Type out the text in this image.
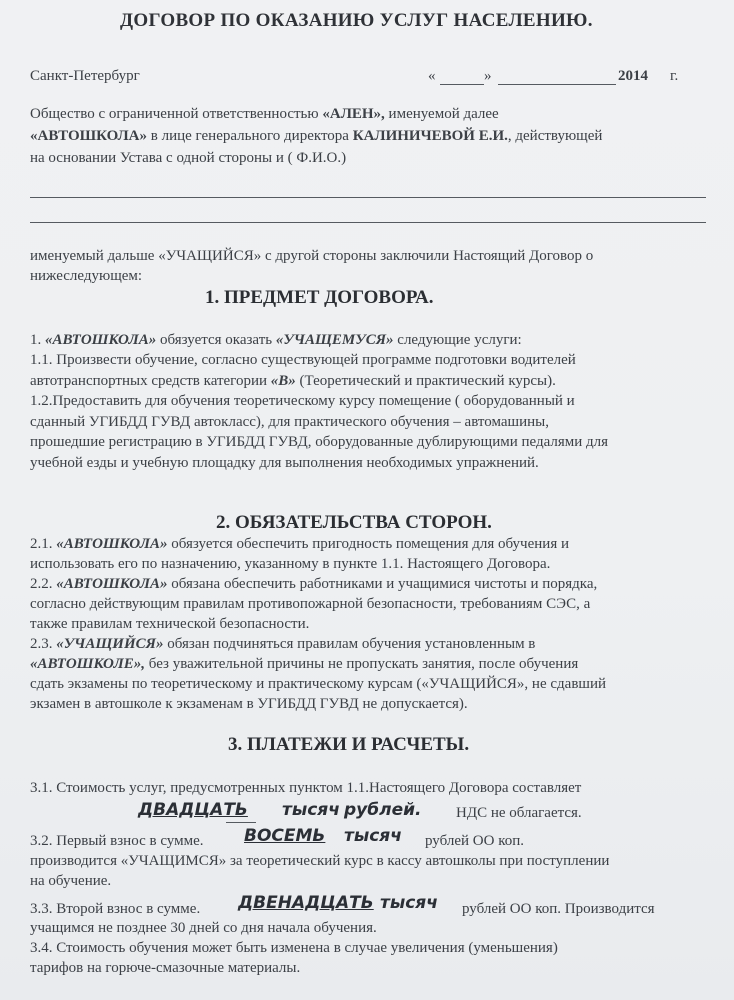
ДОГОВОР ПО ОКАЗАНИЮ УСЛУГ НАСЕЛЕНИЮ.
Санкт-Петербург	«	»	2014 г.
Общество с ограниченной ответственностью «АЛЕН», именуемой далее
«АВТОШКОЛА» в лице генерального директора КАЛИНИЧЕВОЙ Е.И., действующей
на основании Устава с одной стороны и ( Ф.И.О.)
именуемый дальше «УЧАЩИЙСЯ» с другой стороны заключили Настоящий Договор о
нижеследующем:
1. ПРЕДМЕТ ДОГОВОРА.
1. «АВТОШКОЛА» обязуется оказать «УЧАЩЕМУСЯ» следующие услуги:
1.1. Произвести обучение, согласно существующей программе подготовки водителей
автотранспортных средств категории «В» (Теоретический и практический курсы).
1.2.Предоставить для обучения теоретическому курсу помещение ( оборудованный и
сданный УГИБДД ГУВД автокласс), для практического обучения – автомашины,
прошедшие регистрацию в УГИБДД ГУВД, оборудованные дублирующими педалями для
учебной езды и учебную площадку для выполнения необходимых упражнений.
2. ОБЯЗАТЕЛЬСТВА СТОРОН.
2.1. «АВТОШКОЛА» обязуется обеспечить пригодность помещения для обучения и
использовать его по назначению, указанному в пункте 1.1. Настоящего Договора.
2.2. «АВТОШКОЛА» обязана обеспечить работниками и учащимися чистоты и порядка,
согласно действующим правилам противопожарной безопасности, требованиям СЭС, а
также правилам технической безопасности.
2.3. «УЧАЩИЙСЯ» обязан подчиняться правилам обучения установленным в
«АВТОШКОЛЕ», без уважительной причины не пропускать занятия, после обучения
сдать экзамены по теоретическому и практическому курсам («УЧАЩИЙСЯ», не сдавший
экзамен в автошколе к экзаменам в УГИБДД ГУВД не допускается).
3. ПЛАТЕЖИ И РАСЧЕТЫ.
3.1. Стоимость услуг, предусмотренных пунктом 1.1.Настоящего Договора составляет
ДВАДЦАТЬ тысяч рублей. НДС не облагается.
3.2. Первый взнос в сумме. ВОСЕМЬ тысяч рублей ОО коп.
производится «УЧАЩИМСЯ» за теоретический курс в кассу автошколы при поступлении
на обучение.
3.3. Второй взнос в сумме. ДВЕНАДЦАТЬ тысяч рублей ОО коп. Производится
учащимся не позднее 30 дней со дня начала обучения.
3.4. Стоимость обучения может быть изменена в случае увеличения (уменьшения)
тарифов на горюче-смазочные материалы.
